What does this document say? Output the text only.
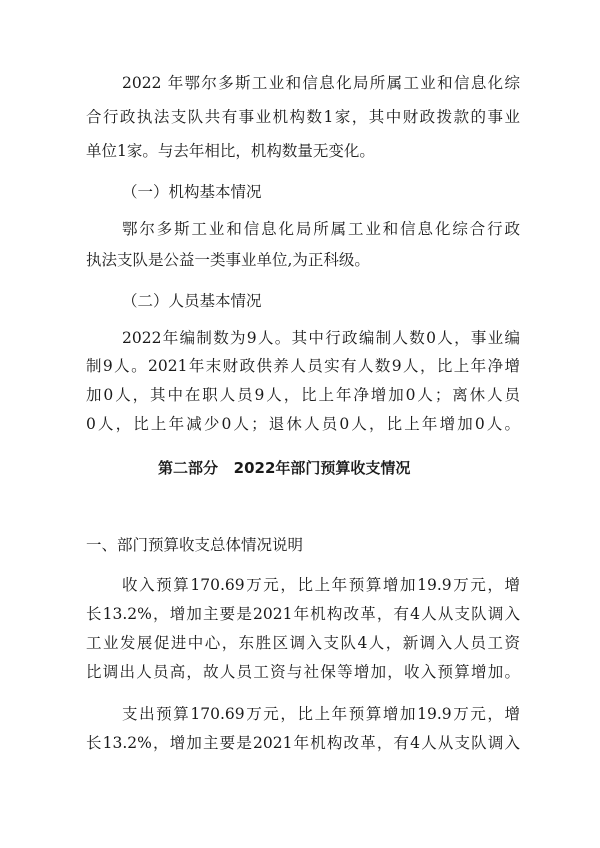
2022 年鄂尔多斯工业和信息化局所属工业和信息化综

合行政执法支队共有事业机构数1家，其中财政拨款的事业

单位1家。与去年相比，机构数量无变化。

（一）机构基本情况

鄂尔多斯工业和信息化局所属工业和信息化综合行政

执法支队是公益一类事业单位,为正科级。

（二）人员基本情况

2022年编制数为9人。其中行政编制人数0人，事业编

制9人。2021年末财政供养人员实有人数9人，比上年净增

加0人，其中在职人员9人，比上年净增加0人；离休人员

0人，比上年减少0人；退休人员0人，比上年增加0人。

第二部分   2022年部门预算收支情况

一、部门预算收支总体情况说明

收入预算170.69万元，比上年预算增加19.9万元，增

长13.2%，增加主要是2021年机构改革，有4人从支队调入

工业发展促进中心，东胜区调入支队4人，新调入人员工资

比调出人员高，故人员工资与社保等增加，收入预算增加。

支出预算170.69万元，比上年预算增加19.9万元，增

长13.2%，增加主要是2021年机构改革，有4人从支队调入
